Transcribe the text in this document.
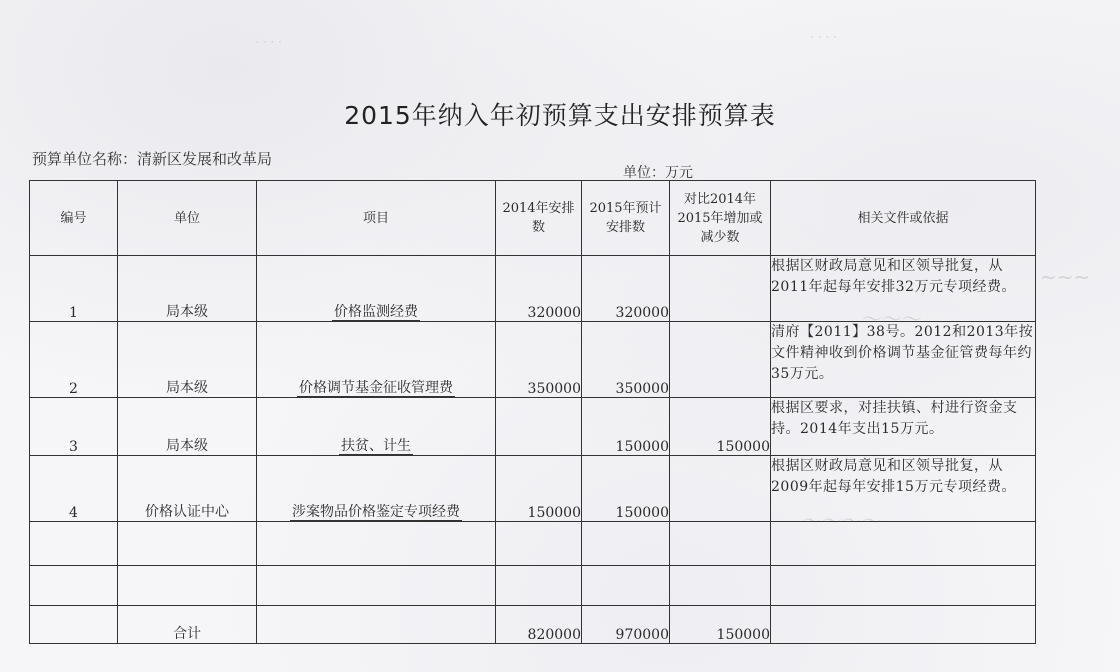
· · · ·	· · · ·
~~~
～～～
～～～～
2015年纳入年初预算支出安排预算表
预算单位名称：清新区发展和改革局
单位：万元
编号	单位	项目	2014年安排数	2015年预计安排数	对比2014年2015年增加或减少数	相关文件或依据
1	局本级	价格监测经费	320000	320000		根据区财政局意见和区领导批复，从2011年起每年安排32万元专项经费。
2	局本级	价格调节基金征收管理费	350000	350000		清府【2011】38号。2012和2013年按文件精神收到价格调节基金征管费每年约35万元。
3	局本级	扶贫、计生		150000	150000	根据区要求，对挂扶镇、村进行资金支持。2014年支出15万元。
4	价格认证中心	涉案物品价格鉴定专项经费	150000	150000		根据区财政局意见和区领导批复，从2009年起每年安排15万元专项经费。

	合计		820000	970000	150000	
